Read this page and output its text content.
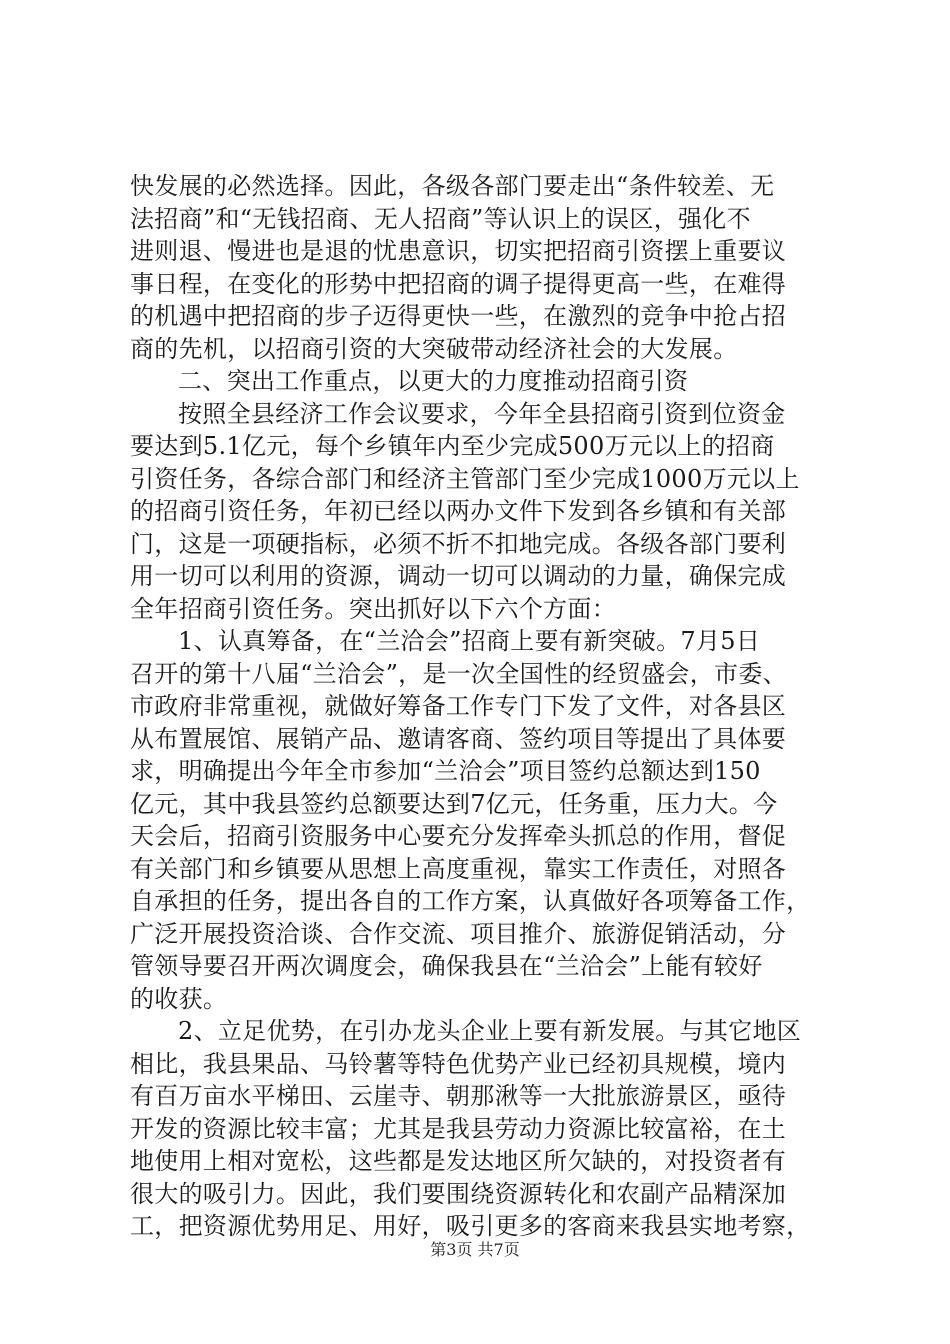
快发展的必然选择。因此，各级各部门要走出“条件较差、无
法招商”和“无钱招商、无人招商”等认识上的误区，强化不
进则退、慢进也是退的忧患意识，切实把招商引资摆上重要议
事日程，在变化的形势中把招商的调子提得更高一些，在难得
的机遇中把招商的步子迈得更快一些，在激烈的竞争中抢占招
商的先机，以招商引资的大突破带动经济社会的大发展。
二、突出工作重点，以更大的力度推动招商引资
按照全县经济工作会议要求，今年全县招商引资到位资金
要达到5.1亿元，每个乡镇年内至少完成500万元以上的招商
引资任务，各综合部门和经济主管部门至少完成1000万元以上
的招商引资任务，年初已经以两办文件下发到各乡镇和有关部
门，这是一项硬指标，必须不折不扣地完成。各级各部门要利
用一切可以利用的资源，调动一切可以调动的力量，确保完成
全年招商引资任务。突出抓好以下六个方面：
1、认真筹备，在“兰洽会”招商上要有新突破。7月5日
召开的第十八届“兰洽会”，是一次全国性的经贸盛会，市委、
市政府非常重视，就做好筹备工作专门下发了文件，对各县区
从布置展馆、展销产品、邀请客商、签约项目等提出了具体要
求，明确提出今年全市参加“兰洽会”项目签约总额达到150
亿元，其中我县签约总额要达到7亿元，任务重，压力大。今
天会后，招商引资服务中心要充分发挥牵头抓总的作用，督促
有关部门和乡镇要从思想上高度重视，靠实工作责任，对照各
自承担的任务，提出各自的工作方案，认真做好各项筹备工作，
广泛开展投资洽谈、合作交流、项目推介、旅游促销活动，分
管领导要召开两次调度会，确保我县在“兰洽会”上能有较好
的收获。
2、立足优势，在引办龙头企业上要有新发展。与其它地区
相比，我县果品、马铃薯等特色优势产业已经初具规模，境内
有百万亩水平梯田、云崖寺、朝那湫等一大批旅游景区，亟待
开发的资源比较丰富；尤其是我县劳动力资源比较富裕，在土
地使用上相对宽松，这些都是发达地区所欠缺的，对投资者有
很大的吸引力。因此，我们要围绕资源转化和农副产品精深加
工，把资源优势用足、用好，吸引更多的客商来我县实地考察，
第3页 共7页
